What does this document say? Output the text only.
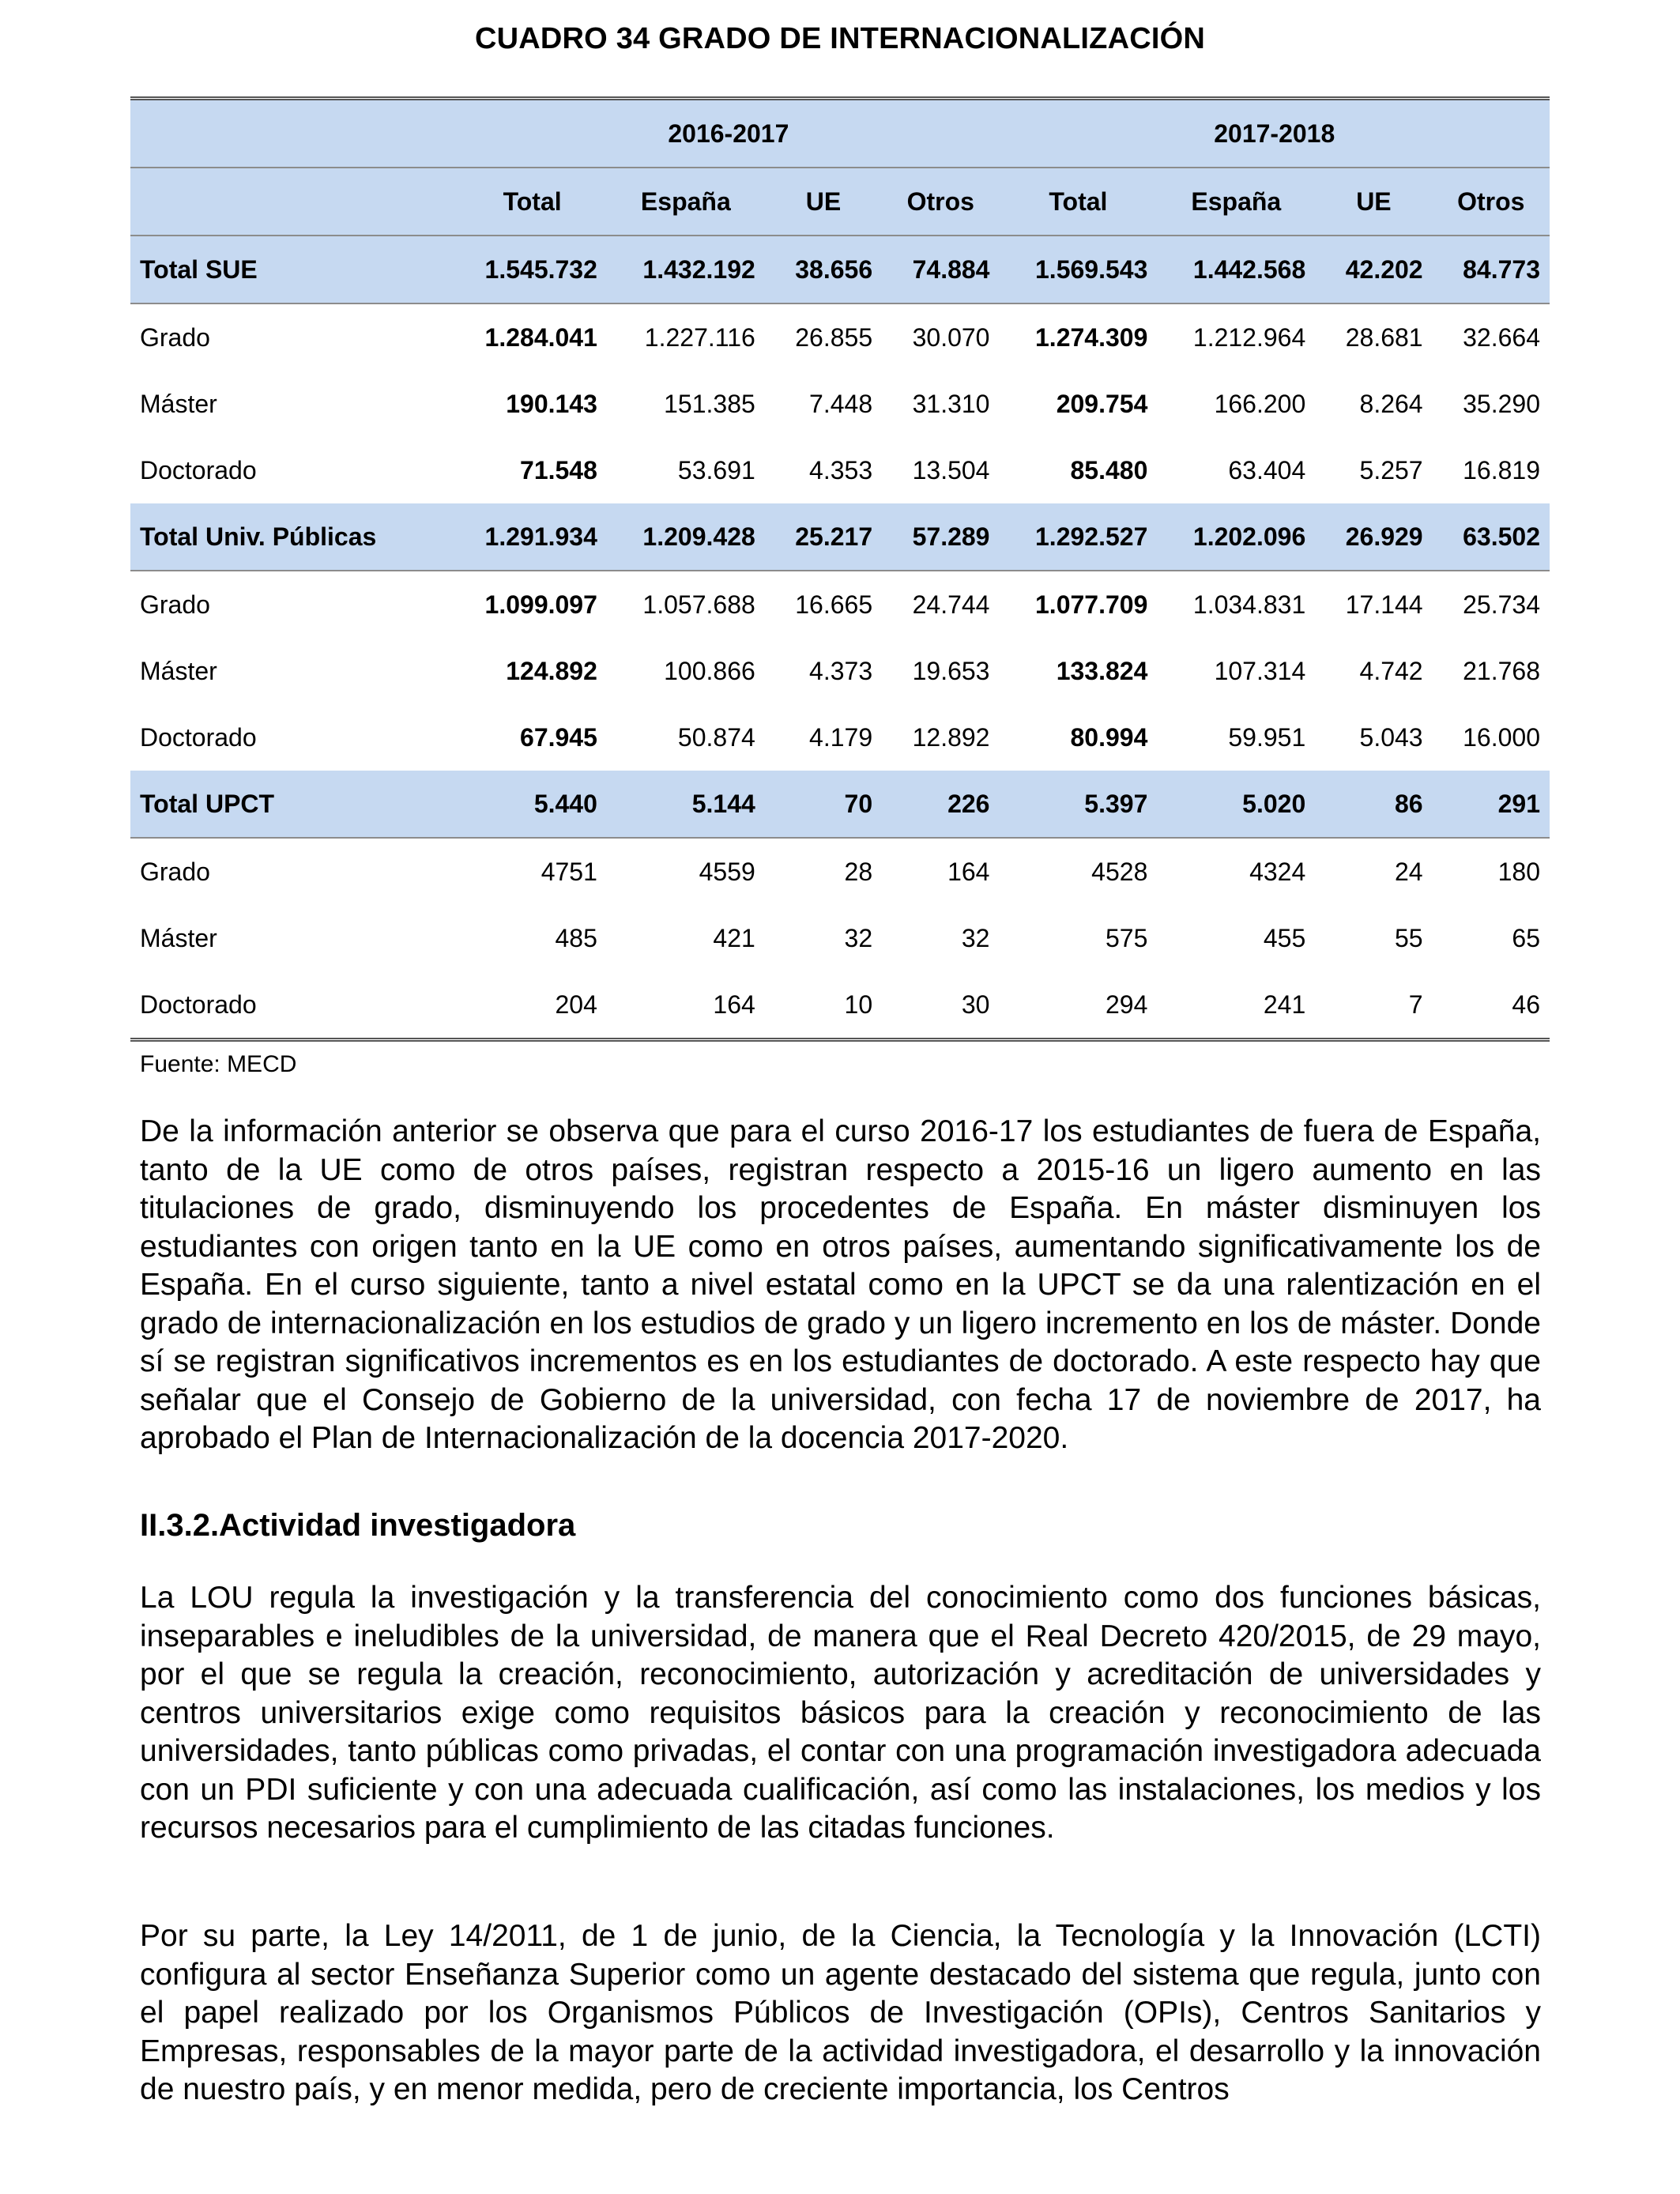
CUADRO 34 GRADO DE INTERNACIONALIZACIÓN
	2016-2017				2017-2018			
	Total	España	UE	Otros	Total	España	UE	Otros
Total SUE	1.545.732	1.432.192	38.656	74.884	1.569.543	1.442.568	42.202	84.773
Grado	1.284.041	1.227.116	26.855	30.070	1.274.309	1.212.964	28.681	32.664
Máster	190.143	151.385	7.448	31.310	209.754	166.200	8.264	35.290
Doctorado	71.548	53.691	4.353	13.504	85.480	63.404	5.257	16.819
Total Univ. Públicas	1.291.934	1.209.428	25.217	57.289	1.292.527	1.202.096	26.929	63.502
Grado	1.099.097	1.057.688	16.665	24.744	1.077.709	1.034.831	17.144	25.734
Máster	124.892	100.866	4.373	19.653	133.824	107.314	4.742	21.768
Doctorado	67.945	50.874	4.179	12.892	80.994	59.951	5.043	16.000
Total UPCT	5.440	5.144	70	226	5.397	5.020	86	291
Grado	4751	4559	28	164	4528	4324	24	180
Máster	485	421	32	32	575	455	55	65
Doctorado	204	164	10	30	294	241	7	46
Fuente: MECD

De la información anterior se observa que para el curso 2016-17 los estudiantes de fuera de España, tanto de la UE como de otros países, registran respecto a 2015-16 un ligero aumento en las titulaciones de grado, disminuyendo los procedentes de España. En máster disminuyen los estudiantes con origen tanto en la UE como en otros países, aumentando significativamente los de España. En el curso siguiente, tanto a nivel estatal como en la UPCT se da una ralentización en el grado de internacionalización en los estudios de grado y un ligero incremento en los de máster. Donde sí se registran significativos incrementos es en los estudiantes de doctorado. A este respecto hay que señalar que el Consejo de Gobierno de la universidad, con fecha 17 de noviembre de 2017, ha aprobado el Plan de Internacionalización de la docencia 2017-2020.

II.3.2.Actividad investigadora

La LOU regula la investigación y la transferencia del conocimiento como dos funciones básicas, inseparables e ineludibles de la universidad, de manera que el Real Decreto 420/2015, de 29 mayo, por el que se regula la creación, reconocimiento, autorización y acreditación de universidades y centros universitarios exige como requisitos básicos para la creación y reconocimiento de las universidades, tanto públicas como privadas, el contar con una programación investigadora adecuada con un PDI suficiente y con una adecuada cualificación, así como las instalaciones, los medios y los recursos necesarios para el cumplimiento de las citadas funciones.

Por su parte, la Ley 14/2011, de 1 de junio, de la Ciencia, la Tecnología y la Innovación (LCTI) configura al sector Enseñanza Superior como un agente destacado del sistema que regula, junto con el papel realizado por los Organismos Públicos de Investigación (OPIs), Centros Sanitarios y Empresas, responsables de la mayor parte de la actividad investigadora, el desarrollo y la innovación de nuestro país, y en menor medida, pero de creciente importancia, los Centros
